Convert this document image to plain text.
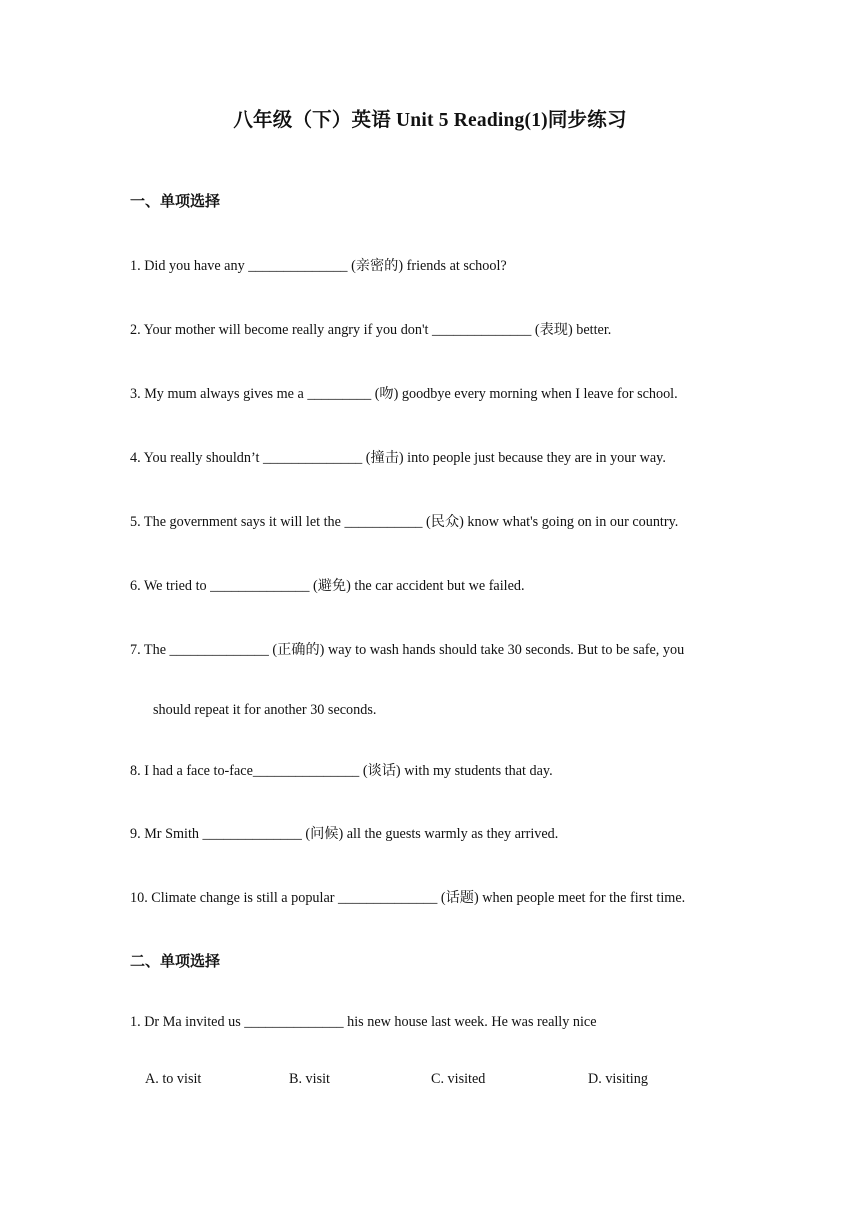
八年级（下）英语 Unit 5 Reading(1)同步练习
一、单项选择
1. Did you have any ______________ (亲密的) friends at school?
2. Your mother will become really angry if you don't ______________ (表现) better.
3. My mum always gives me a _________ (吻) goodbye every morning when I leave for school.
4. You really shouldn’t ______________ (撞击) into people just because they are in your way.
5. The government says it will let the ___________ (民众) know what's going on in our country.
6. We tried to ______________ (避免) the car accident but we failed.
7. The ______________ (正确的) way to wash hands should take 30 seconds. But to be safe, you
should repeat it for another 30 seconds.
8. I had a face to-face_______________ (谈话) with my students that day.
9. Mr Smith ______________ (问候) all the guests warmly as they arrived.
10. Climate change is still a popular ______________ (话题) when people meet for the first time.
二、单项选择
1. Dr Ma invited us ______________ his new house last week. He was really nice
A. to visit	B. visit	C. visited	D. visiting
